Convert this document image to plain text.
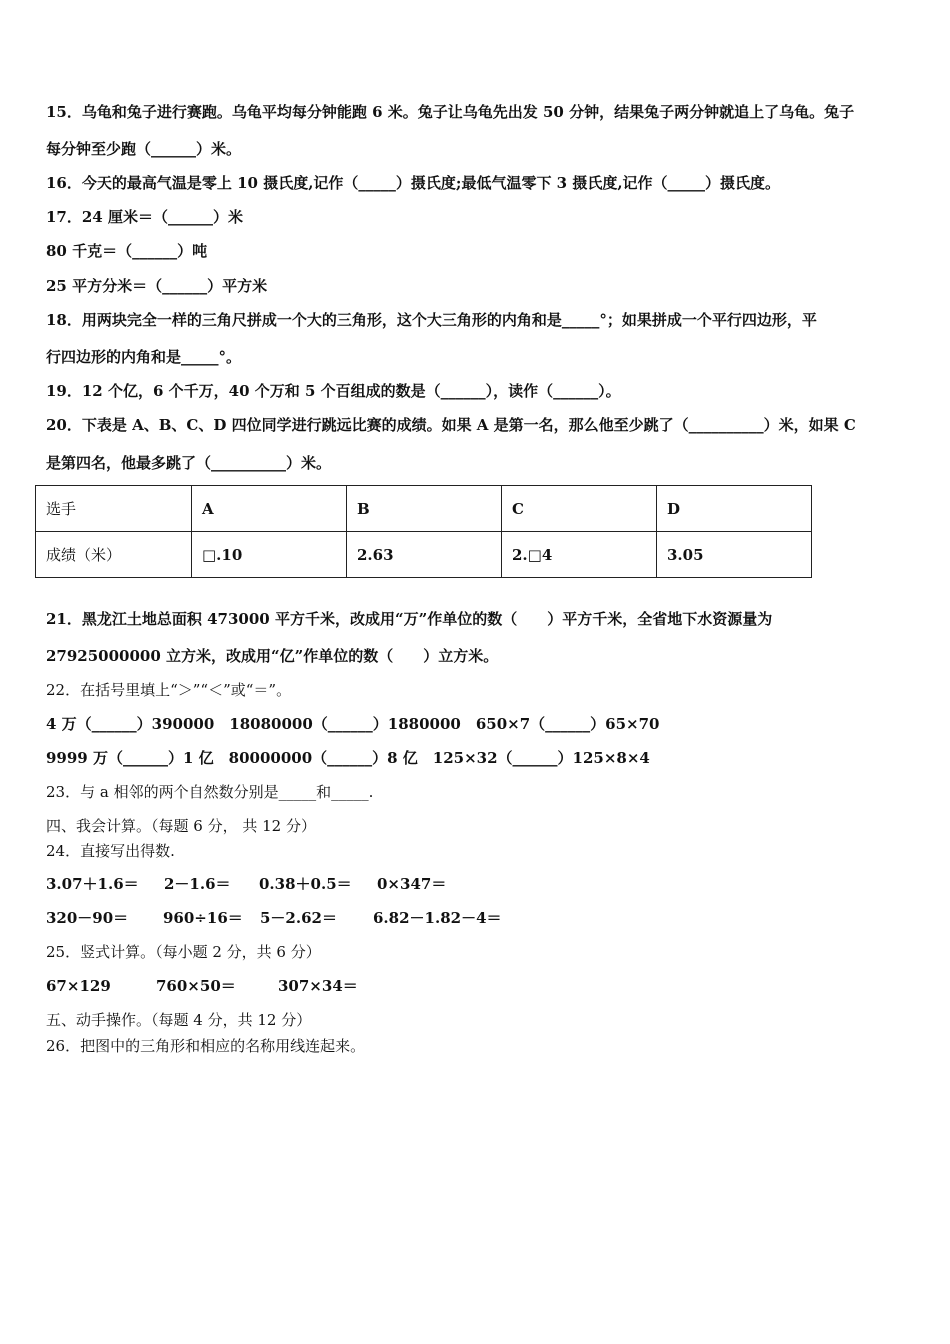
15．乌龟和兔子进行赛跑。乌龟平均每分钟能跑 6 米。兔子让乌龟先出发 50 分钟，结果兔子两分钟就追上了乌龟。兔子
每分钟至少跑（______）米。
16．今天的最高气温是零上 10 摄氏度,记作（_____）摄氏度;最低气温零下 3 摄氏度,记作（_____）摄氏度。
17．24 厘米＝（______）米
80 千克＝（______）吨
25 平方分米＝（______）平方米
18．用两块完全一样的三角尺拼成一个大的三角形，这个大三角形的内角和是_____°；如果拼成一个平行四边形，平
行四边形的内角和是_____°。
19．12 个亿，6 个千万，40 个万和 5 个百组成的数是（______），读作（______）。
20．下表是 A、B、C、D 四位同学进行跳远比赛的成绩。如果 A 是第一名，那么他至少跳了（__________）米，如果 C
是第四名，他最多跳了（__________）米。
选手	A	B	C	D
成绩（米）	□.10	2.63	2.□4	3.05
21．黑龙江土地总面积 473000 平方千米，改成用“万”作单位的数（　　）平方千米，全省地下水资源量为
27925000000 立方米，改成用“亿”作单位的数（　　）立方米。
22．在括号里填上“＞”“＜”或“＝”。
4 万（______）390000　18080000（______）1880000　650×7（______）65×70
9999 万（______）1 亿　80000000（______）8 亿　125×32（______）125×8×4
23．与 a 相邻的两个自然数分别是_____和_____.
四、我会计算。（每题 6 分， 共 12 分）
24．直接写出得数.
3.07＋1.6＝ 2－1.6＝ 0.38＋0.5＝ 0×347＝
320－90＝ 960÷16＝ 5－2.62＝ 6.82－1.82－4＝
25．竖式计算。（每小题 2 分，共 6 分）
67×129	760×50＝	307×34＝
五、动手操作。（每题 4 分，共 12 分）
26．把图中的三角形和相应的名称用线连起来。
